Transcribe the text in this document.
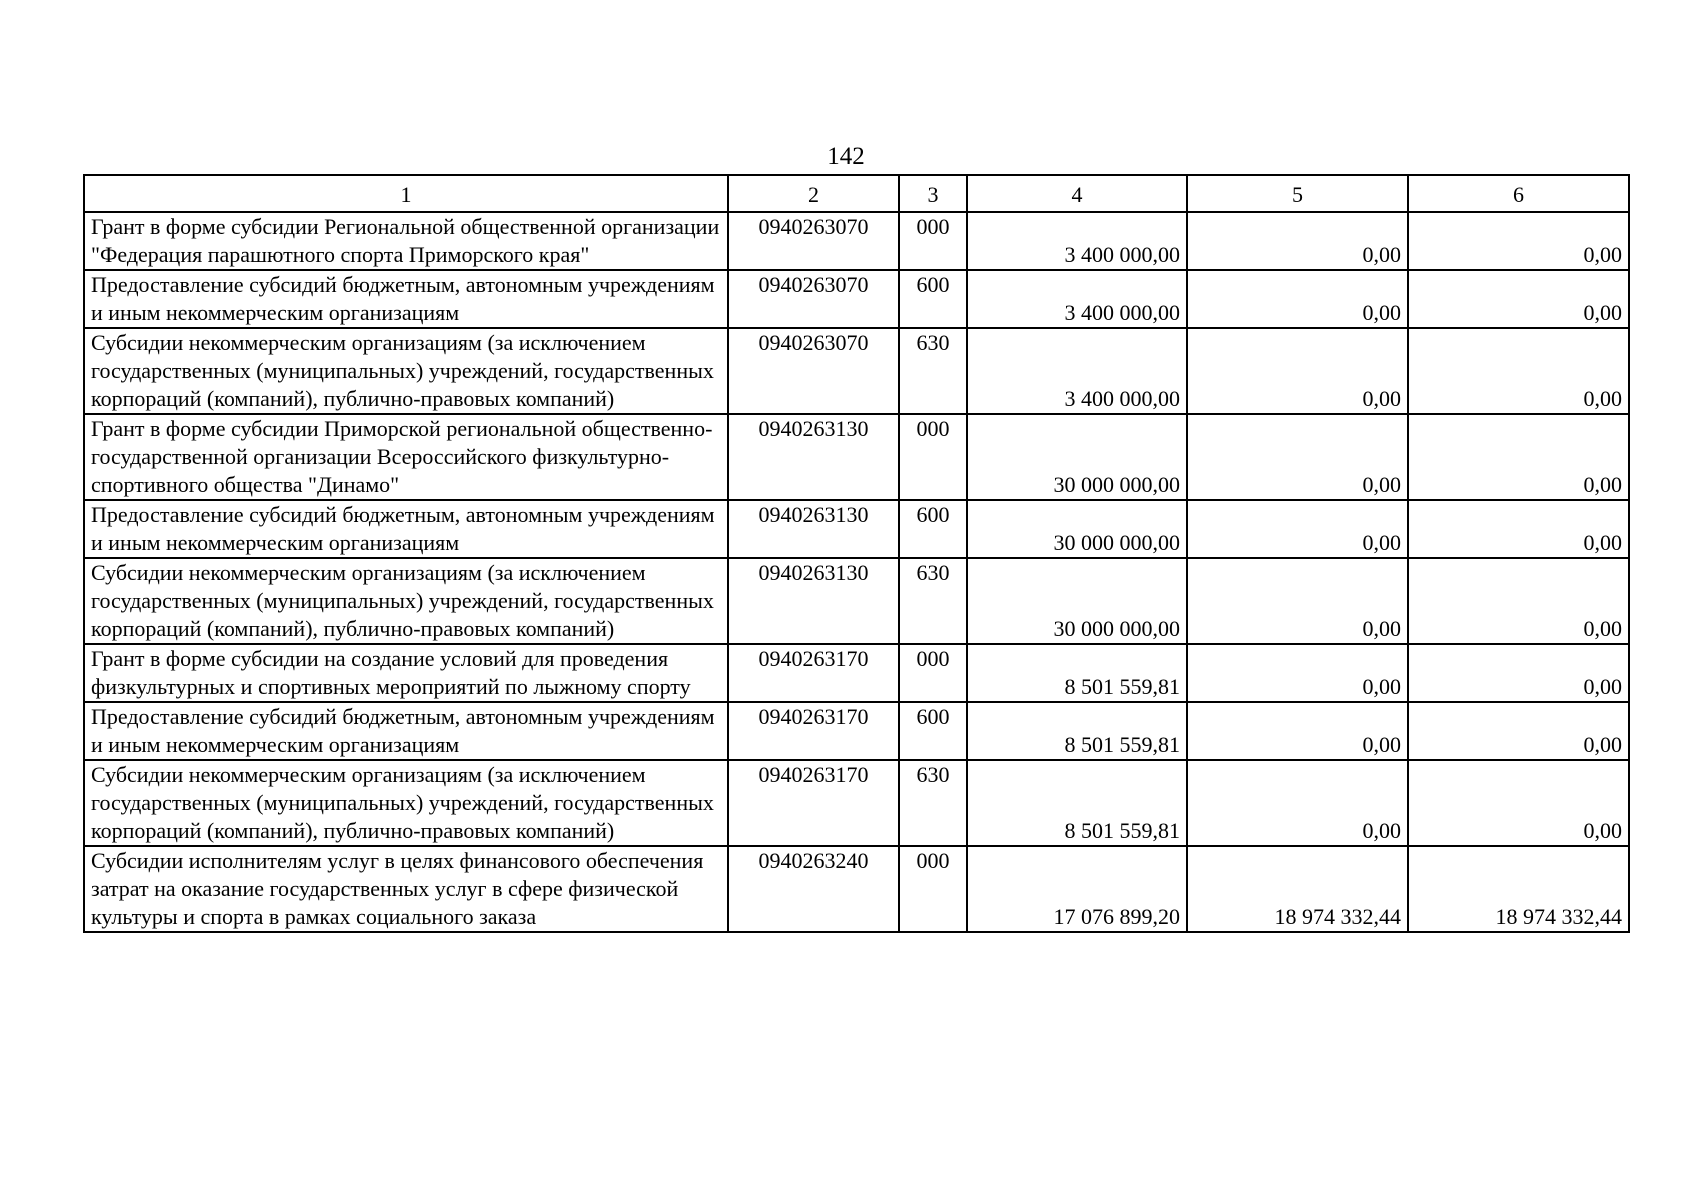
142
1	2	3	4	5	6
Грант в форме субсидии Региональной общественной организации "Федерация парашютного спорта Приморского края"	0940263070	000	3 400 000,00	0,00	0,00
Предоставление субсидий бюджетным, автономным учреждениям и иным некоммерческим организациям	0940263070	600	3 400 000,00	0,00	0,00
Субсидии некоммерческим организациям (за исключением государственных (муниципальных) учреждений, государственных корпораций (компаний), публично-правовых компаний)	0940263070	630	3 400 000,00	0,00	0,00
Грант в форме субсидии Приморской региональной общественно-государственной организации Всероссийского физкультурно-спортивного общества "Динамо"	0940263130	000	30 000 000,00	0,00	0,00
Предоставление субсидий бюджетным, автономным учреждениям и иным некоммерческим организациям	0940263130	600	30 000 000,00	0,00	0,00
Субсидии некоммерческим организациям (за исключением государственных (муниципальных) учреждений, государственных корпораций (компаний), публично-правовых компаний)	0940263130	630	30 000 000,00	0,00	0,00
Грант в форме субсидии на создание условий для проведения физкультурных и спортивных мероприятий по лыжному спорту	0940263170	000	8 501 559,81	0,00	0,00
Предоставление субсидий бюджетным, автономным учреждениям и иным некоммерческим организациям	0940263170	600	8 501 559,81	0,00	0,00
Субсидии некоммерческим организациям (за исключением государственных (муниципальных) учреждений, государственных корпораций (компаний), публично-правовых компаний)	0940263170	630	8 501 559,81	0,00	0,00
Субсидии исполнителям услуг в целях финансового обеспечения затрат на оказание государственных услуг в сфере физической культуры и спорта в рамках социального заказа	0940263240	000	17 076 899,20	18 974 332,44	18 974 332,44
